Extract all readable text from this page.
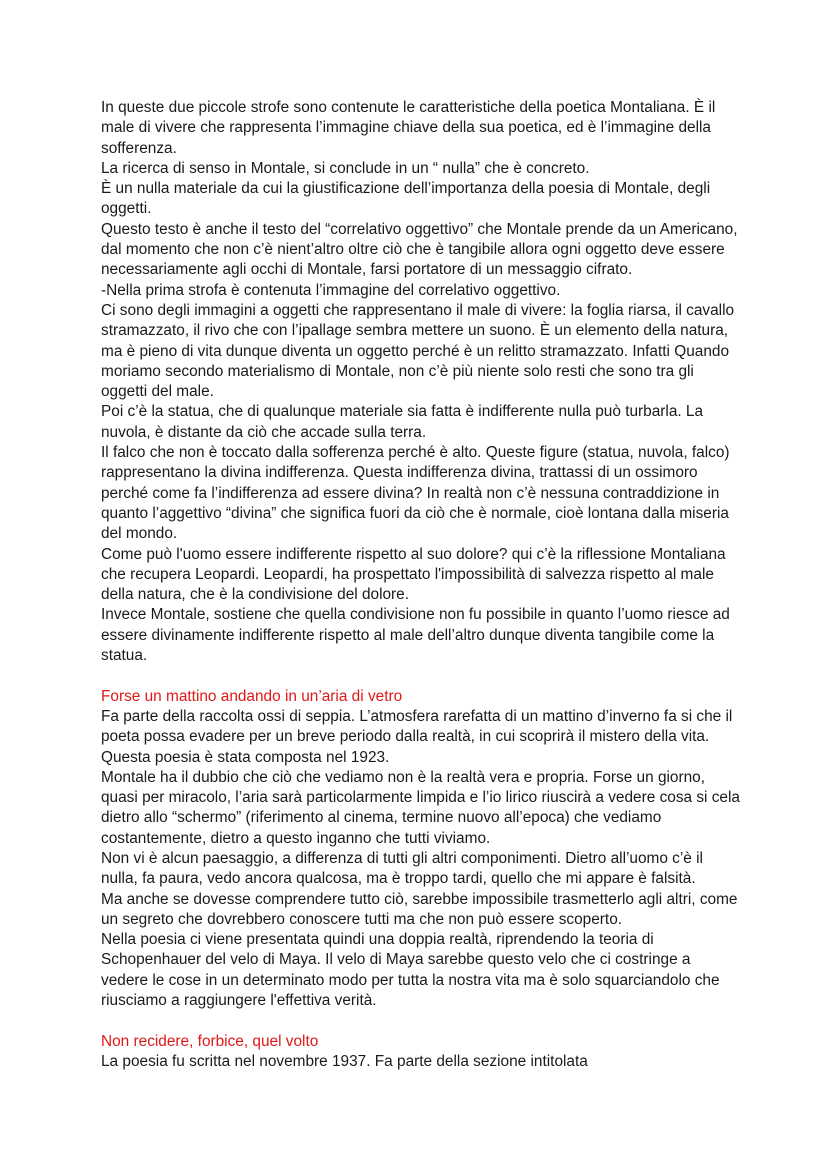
In queste due piccole strofe sono contenute le caratteristiche della poetica Montaliana. È il male di vivere che rappresenta l’immagine chiave della sua poetica, ed è l’immagine della sofferenza.

La ricerca di senso in Montale, si conclude in un “ nulla” che è concreto.

È un nulla materiale da cui la giustificazione dell’importanza della poesia di Montale, degli oggetti.

Questo testo è anche il testo del “correlativo oggettivo” che Montale prende da un Americano, dal momento che non c’è nient’altro oltre ciò che è tangibile allora ogni oggetto deve essere necessariamente agli occhi di Montale, farsi portatore di un messaggio cifrato.

-Nella prima strofa è contenuta l’immagine del correlativo oggettivo.

Ci sono degli immagini a oggetti che rappresentano il male di vivere: la foglia riarsa, il cavallo stramazzato, il rivo che con l’ipallage sembra mettere un suono. È un elemento della natura, ma è pieno di vita dunque diventa un oggetto perché è un relitto stramazzato. Infatti Quando moriamo secondo materialismo di Montale, non c’è più niente solo resti che sono tra gli oggetti del male.

Poi c’è la statua, che di qualunque materiale sia fatta è indifferente nulla può turbarla. La nuvola, è distante da ciò che accade sulla terra.

Il falco che non è toccato dalla sofferenza perché è alto. Queste figure (statua, nuvola, falco) rappresentano la divina indifferenza. Questa indifferenza divina, trattassi di un ossimoro perché come fa l’indifferenza ad essere divina? In realtà non c’è nessuna contraddizione in quanto l’aggettivo “divina” che significa fuori da ciò che è normale, cioè lontana dalla miseria del mondo.

Come può l'uomo essere indifferente rispetto al suo dolore? qui c’è la riflessione Montaliana che recupera Leopardi. Leopardi, ha prospettato l'impossibilità di salvezza rispetto al male della natura, che è la condivisione del dolore.

Invece Montale, sostiene che quella condivisione non fu possibile in quanto l’uomo riesce ad essere divinamente indifferente rispetto al male dell’altro dunque diventa tangibile come la statua.

Forse un mattino andando in un’aria di vetro

Fa parte della raccolta ossi di seppia. L’atmosfera rarefatta di un mattino d’inverno fa si che il poeta possa evadere per un breve periodo dalla realtà, in cui scoprirà il mistero della vita.

Questa poesia è stata composta nel 1923.

Montale ha il dubbio che ciò che vediamo non è la realtà vera e propria. Forse un giorno, quasi per miracolo, l’aria sarà particolarmente limpida e l’io lirico riuscirà a vedere cosa si cela dietro allo “schermo” (riferimento al cinema, termine nuovo all’epoca) che vediamo costantemente, dietro a questo inganno che tutti viviamo.

Non vi è alcun paesaggio, a differenza di tutti gli altri componimenti. Dietro all’uomo c’è il nulla, fa paura, vedo ancora qualcosa, ma è troppo tardi, quello che mi appare è falsità.

Ma anche se dovesse comprendere tutto ciò, sarebbe impossibile trasmetterlo agli altri, come un segreto che dovrebbero conoscere tutti ma che non può essere scoperto.

Nella poesia ci viene presentata quindi una doppia realtà, riprendendo la teoria di Schopenhauer del velo di Maya. Il velo di Maya sarebbe questo velo che ci costringe a vedere le cose in un determinato modo per tutta la nostra vita ma è solo squarciandolo che riusciamo a raggiungere l'effettiva verità.

Non recidere, forbice, quel volto

La poesia fu scritta nel novembre 1937. Fa parte della sezione intitolata
